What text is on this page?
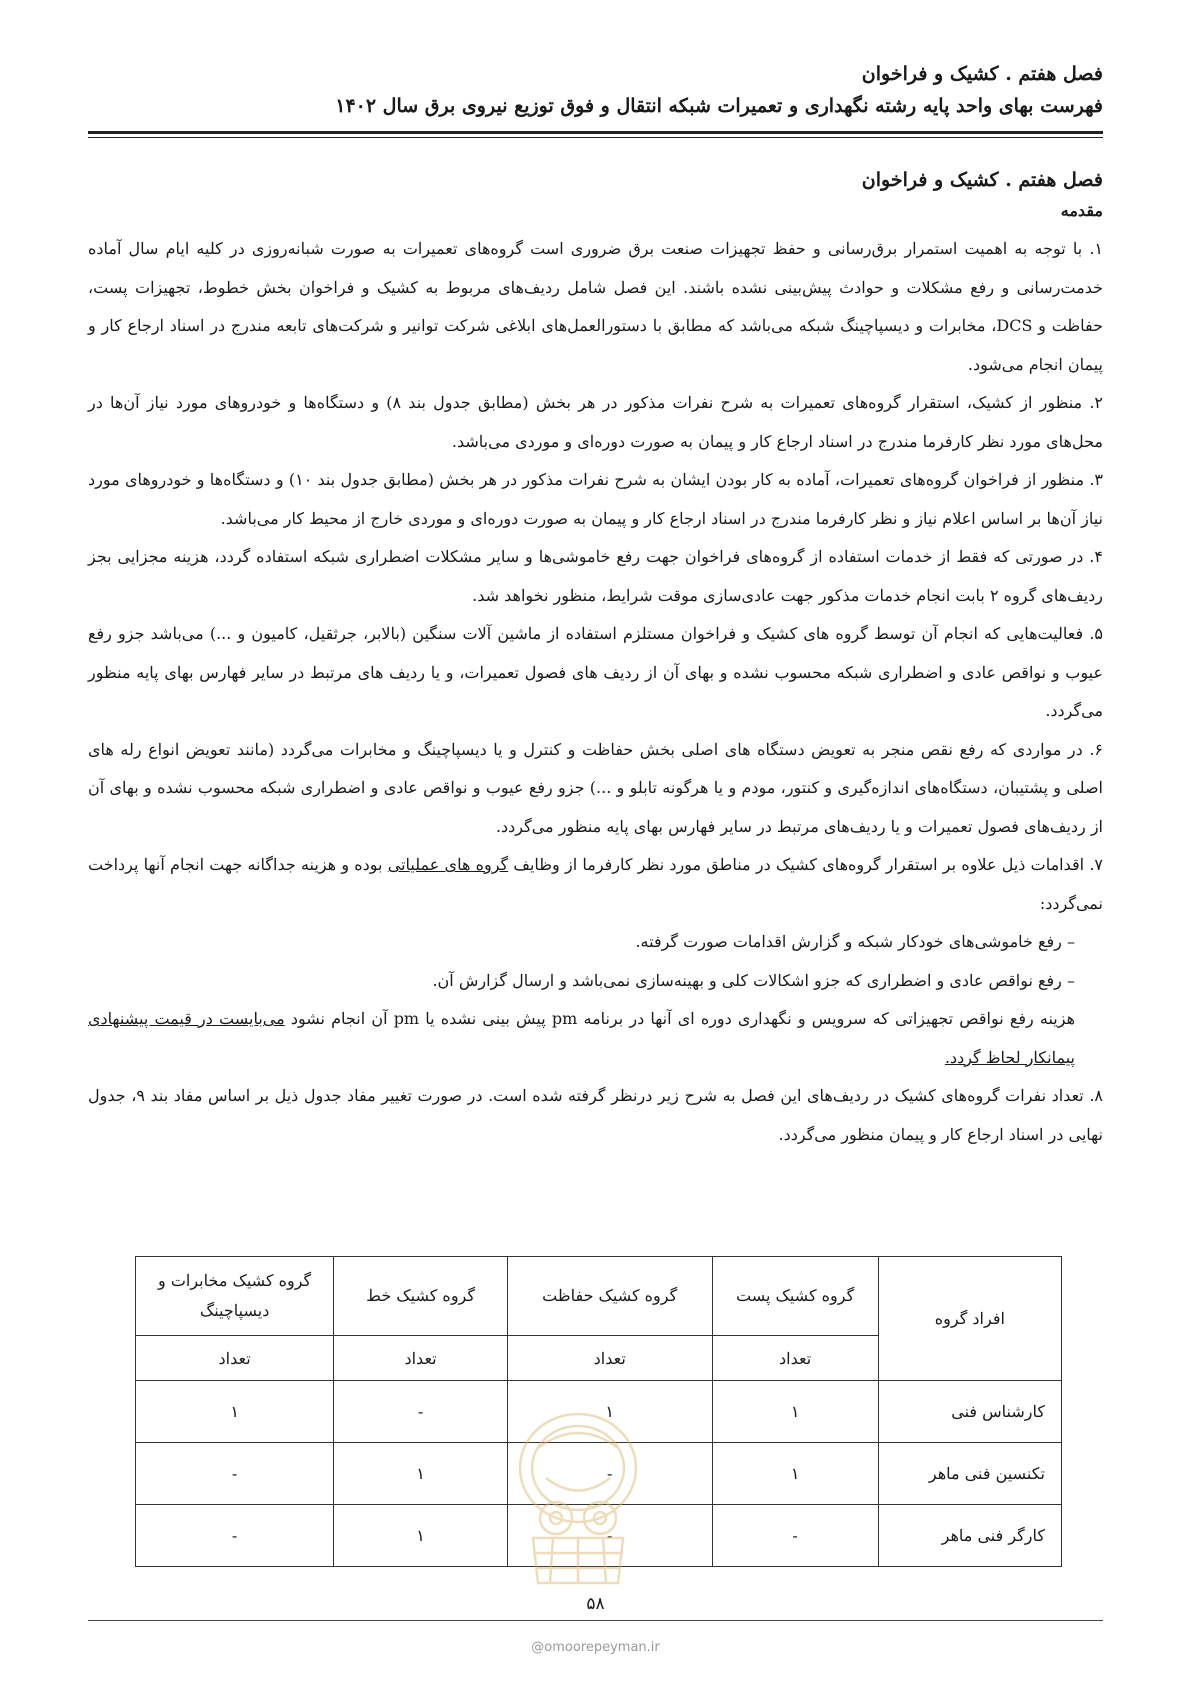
فصل هفتم . کشیک و فراخوان
فهرست بهای واحد پایه رشته نگهداری و تعمیرات شبکه انتقال و فوق توزیع نیروی برق سال ۱۴۰۲
فصل هفتم . کشیک و فراخوان
مقدمه

۱. با توجه به اهمیت استمرار برق‌رسانی و حفظ تجهیزات صنعت برق ضروری است گروه‌های تعمیرات به صورت شبانه‌روزی در کلیه ایام سال آماده خدمت‌رسانی و رفع مشکلات و حوادث پیش‌بینی نشده باشند. این فصل شامل ردیف‌های مربوط به کشیک و فراخوان بخش خطوط، تجهیزات پست، حفاظت و DCS، مخابرات و دیسپاچینگ شبکه می‌باشد که مطابق با دستورالعمل‌های ابلاغی شرکت توانیر و شرکت‌های تابعه مندرج در اسناد ارجاع کار و پیمان انجام می‌شود.

۲. منظور از کشیک، استقرار گروه‌های تعمیرات به شرح نفرات مذکور در هر بخش (مطابق جدول بند ۸) و دستگاه‌ها و خودروهای مورد نیاز آن‌ها در محل‌های مورد نظر کارفرما مندرج در اسناد ارجاع کار و پیمان به صورت دوره‌ای و موردی می‌باشد.

۳. منظور از فراخوان گروه‌های تعمیرات، آماده به کار بودن ایشان به شرح نفرات مذکور در هر بخش (مطابق جدول بند ۱۰) و دستگاه‌ها و خودروهای مورد نیاز آن‌ها بر اساس اعلام نیاز و نظر کارفرما مندرج در اسناد ارجاع کار و پیمان به صورت دوره‌ای و موردی خارج از محیط کار می‌باشد.

۴. در صورتی که فقط از خدمات استفاده از گروه‌های فراخوان جهت رفع خاموشی‌ها و سایر مشکلات اضطراری شبکه استفاده گردد، هزینه مجزایی بجز ردیف‌های گروه ۲ بابت انجام خدمات مذکور جهت عادی‌سازی موقت شرایط، منظور نخواهد شد.

۵. فعالیت‌هایی که انجام آن توسط گروه های کشیک و فراخوان مستلزم استفاده از ماشین آلات سنگین (بالابر، جرثقیل، کامیون و ...) می‌باشد جزو رفع عیوب و نواقص عادی و اضطراری شبکه محسوب نشده و بهای آن از ردیف های فصول تعمیرات، و یا ردیف های مرتبط در سایر فهارس بهای پایه منظور می‌گردد.

۶. در مواردی که رفع نقص منجر به تعویض دستگاه های اصلی بخش حفاظت و کنترل و یا دیسپاچینگ و مخابرات می‌گردد (مانند تعویض انواع رله های اصلی و پشتیبان، دستگاه‌های اندازه‌گیری و کنتور، مودم و یا هرگونه تابلو و ...) جزو رفع عیوب و نواقص عادی و اضطراری شبکه محسوب نشده و بهای آن از ردیف‌های فصول تعمیرات و یا ردیف‌های مرتبط در سایر فهارس بهای پایه منظور می‌گردد.

۷. اقدامات ذیل علاوه بر استقرار گروه‌های کشیک در مناطق مورد نظر کارفرما از وظایف گروه های عملیاتی بوده و هزینه جداگانه جهت انجام آنها پرداخت نمی‌گردد:

– رفع خاموشی‌های خودکار شبکه و گزارش اقدامات صورت گرفته.
– رفع نواقص عادی و اضطراری که جزو اشکالات کلی و بهینه‌سازی نمی‌باشد و ارسال گزارش آن.
هزینه رفع نواقص تجهیزاتی که سرویس و نگهداری دوره ای آنها در برنامه pm پیش بینی نشده یا pm آن انجام نشود می‌بایست در قیمت پیشنهادی پیمانکار لحاظ گردد.

۸. تعداد نفرات گروه‌های کشیک در ردیف‌های این فصل به شرح زیر درنظر گرفته شده است. در صورت تغییر مفاد جدول ذیل بر اساس مفاد بند ۹، جدول نهایی در اسناد ارجاع کار و پیمان منظور می‌گردد.

افراد گروه	گروه کشیک پست	گروه کشیک حفاظت	گروه کشیک خط	گروه کشیک مخابرات و دیسپاچینگ
	تعداد	تعداد	تعداد	تعداد
کارشناس فنی	۱	۱	-	۱
تکنسین فنی ماهر	۱	-	۱	-
کارگر فنی ماهر	-	-	۱	-
۵۸
@omoorepeyman.ir
